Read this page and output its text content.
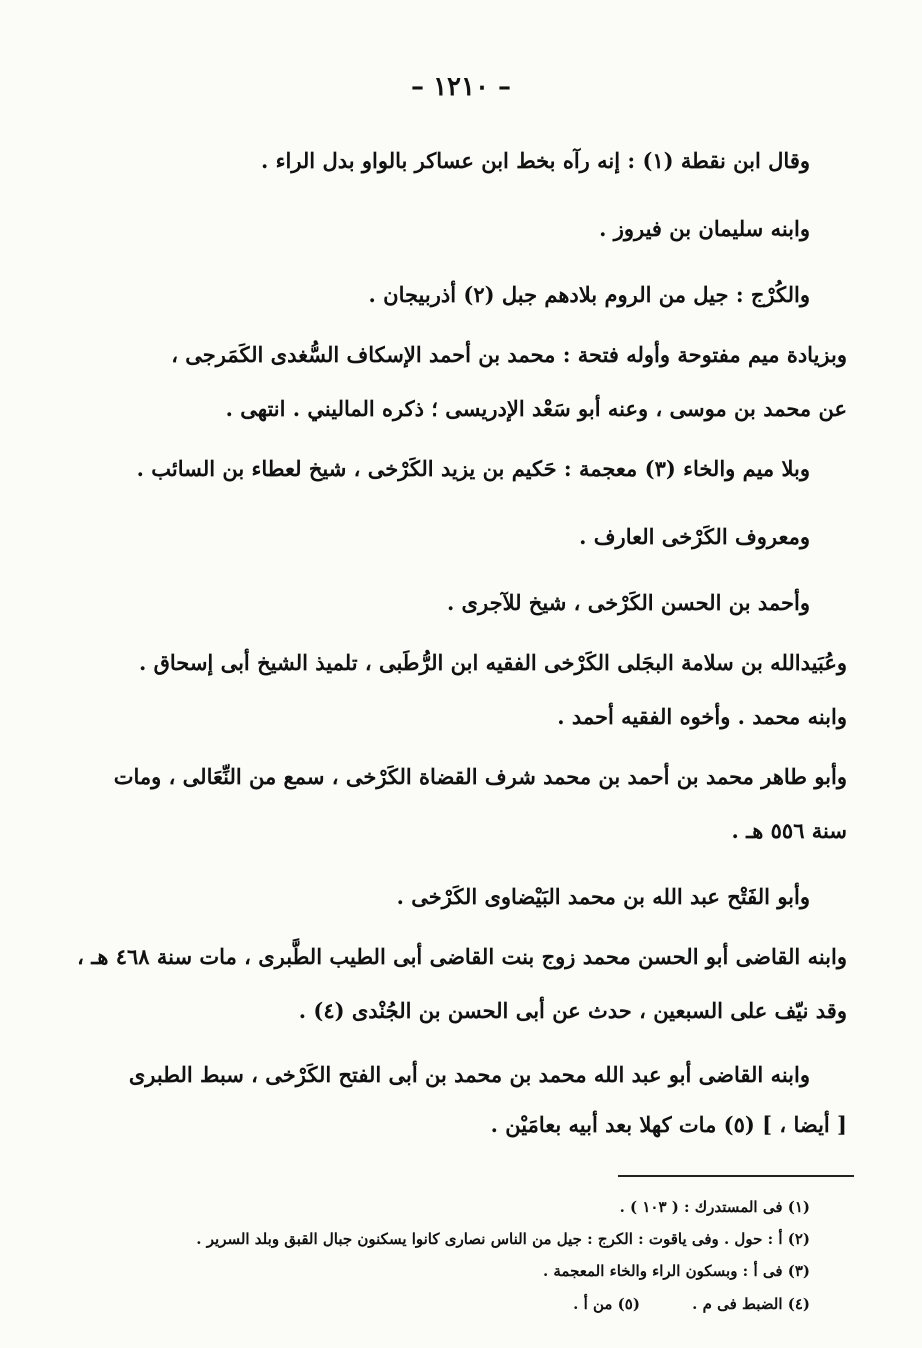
– ١٢١٠ –
وقال ابن نقطة (١) : إنه رآه بخط ابن عساكر بالواو بدل الراء .
وابنه سليمان بن فيروز .
والكُرْج : جيل من الروم بلادهم جبل (٢) أذربيجان .
وبزيادة ميم مفتوحة وأوله فتحة : محمد بن أحمد الإسكاف السُّغدى الكَمَرجى ،
عن محمد بن موسى ، وعنه أبو سَعْد الإدريسى ؛ ذكره الماليني . انتهى .
وبلا ميم والخاء (٣) معجمة : حَكيم بن يزيد الكَرْخى ، شيخ لعطاء بن السائب .
ومعروف الكَرْخى العارف .
وأحمد بن الحسن الكَرْخى ، شيخ للآجرى .
وعُبَيدالله بن سلامة البجَلى الكَرْخى الفقيه ابن الرُّطَبى ، تلميذ الشيخ أبى إسحاق .
وابنه محمد . وأخوه الفقيه أحمد .
وأبو طاهر محمد بن أحمد بن محمد شرف القضاة الكَرْخى ، سمع من النِّعَالى ، ومات
سنة ٥٥٦ هـ .
وأبو الفَتْح عبد الله بن محمد البَيْضاوى الكَرْخى .
وابنه القاضى أبو الحسن محمد زوج بنت القاضى أبى الطيب الطَّبرى ، مات سنة ٤٦٨ هـ ،
وقد نيّف على السبعين ، حدث عن أبى الحسن بن الجُنْدى (٤) .
وابنه القاضى أبو عبد الله محمد بن محمد بن أبى الفتح الكَرْخى ، سبط الطبرى
[ أيضا ، ] (٥) مات كهلا بعد أبيه بعامَيْن .
(١) فى المستدرك : ( ١٠٣ ) .
(٢) أ : حول . وفى ياقوت : الكرج : جيل من الناس نصارى كانوا يسكنون جبال القبق وبلد السرير .
(٣) فى أ : وبسكون الراء والخاء المعجمة .
(٤) الضبط فى م .          (٥) من أ .
